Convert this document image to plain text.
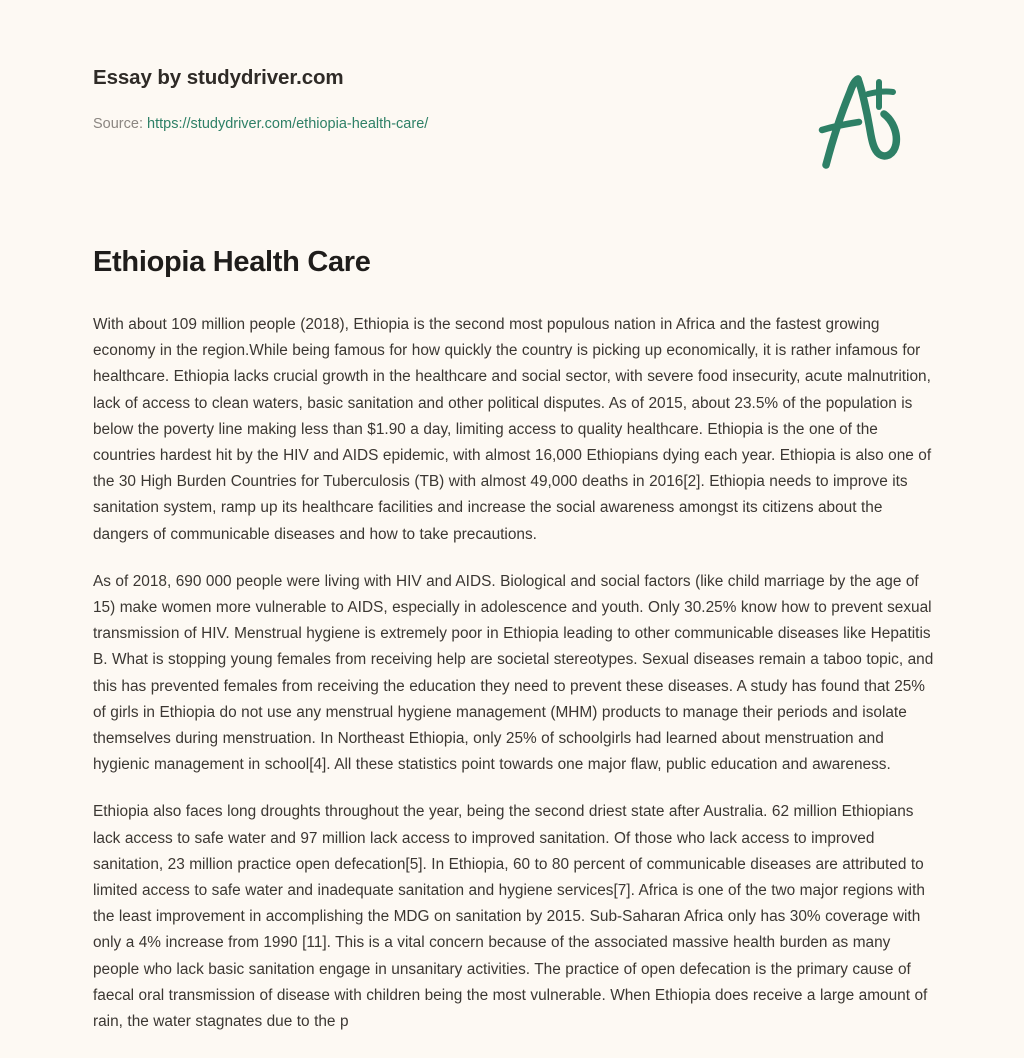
Essay by studydriver.com
Source: https://studydriver.com/ethiopia-health-care/
Ethiopia Health Care

With about 109 million people (2018), Ethiopia is the second most populous nation in Africa and the fastest growing economy in the region.While being famous for how quickly the country is picking up economically, it is rather infamous for healthcare. Ethiopia lacks crucial growth in the healthcare and social sector, with severe food insecurity, acute malnutrition, lack of access to clean waters, basic sanitation and other political disputes. As of 2015, about 23.5% of the population is below the poverty line making less than $1.90 a day, limiting access to quality healthcare. Ethiopia is the one of the countries hardest hit by the HIV and AIDS epidemic, with almost 16,000 Ethiopians dying each year. Ethiopia is also one of the 30 High Burden Countries for Tuberculosis (TB) with almost 49,000 deaths in 2016[2]. Ethiopia needs to improve its sanitation system, ramp up its healthcare facilities and increase the social awareness amongst its citizens about the dangers of communicable diseases and how to take precautions.

As of 2018, 690 000 people were living with HIV and AIDS. Biological and social factors (like child marriage by the age of 15) make women more vulnerable to AIDS, especially in adolescence and youth. Only 30.25% know how to prevent sexual transmission of HIV. Menstrual hygiene is extremely poor in Ethiopia leading to other communicable diseases like Hepatitis B. What is stopping young females from receiving help are societal stereotypes. Sexual diseases remain a taboo topic, and this has prevented females from receiving the education they need to prevent these diseases. A study has found that 25% of girls in Ethiopia do not use any menstrual hygiene management (MHM) products to manage their periods and isolate themselves during menstruation. In Northeast Ethiopia, only 25% of schoolgirls had learned about menstruation and hygienic management in school[4]. All these statistics point towards one major flaw, public education and awareness.

Ethiopia also faces long droughts throughout the year, being the second driest state after Australia. 62 million Ethiopians lack access to safe water and 97 million lack access to improved sanitation. Of those who lack access to improved sanitation, 23 million practice open defecation[5]. In Ethiopia, 60 to 80 percent of communicable diseases are attributed to limited access to safe water and inadequate sanitation and hygiene services[7]. Africa is one of the two major regions with the least improvement in accomplishing the MDG on sanitation by 2015. Sub-Saharan Africa only has 30% coverage with only a 4% increase from 1990 [11]. This is a vital concern because of the associated massive health burden as many people who lack basic sanitation engage in unsanitary activities. The practice of open defecation is the primary cause of faecal oral transmission of disease with children being the most vulnerable. When Ethiopia does receive a large amount of rain, the water stagnates due to the p
